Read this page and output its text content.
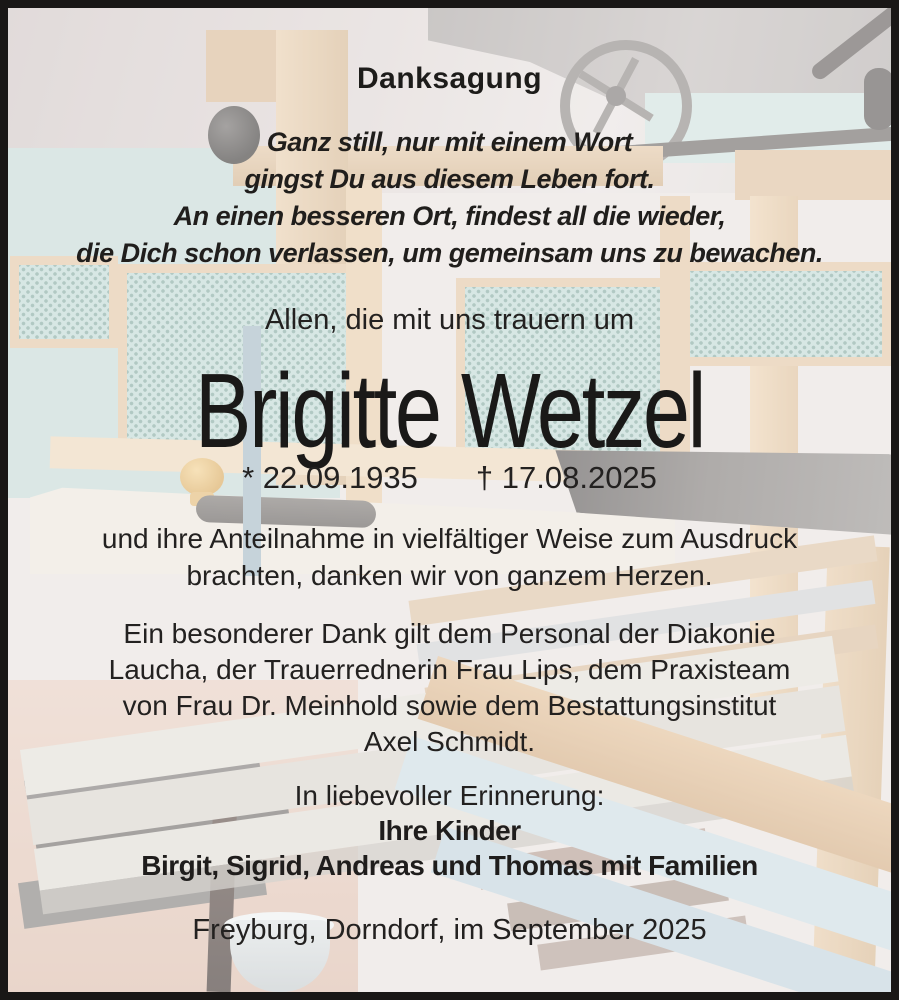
Danksagung
Ganz still, nur mit einem Wort
gingst Du aus diesem Leben fort.
An einen besseren Ort, findest all die wieder,
die Dich schon verlassen, um gemeinsam uns zu bewachen.
Allen, die mit uns trauern um
Brigitte Wetzel
* 22.09.1935 † 17.08.2025
und ihre Anteilnahme in vielfältiger Weise zum Ausdruck
brachten, danken wir von ganzem Herzen.
Ein besonderer Dank gilt dem Personal der Diakonie
Laucha, der Trauerrednerin Frau Lips, dem Praxisteam
von Frau Dr. Meinhold sowie dem Bestattungsinstitut
Axel Schmidt.
In liebevoller Erinnerung:
Ihre Kinder
Birgit, Sigrid, Andreas und Thomas mit Familien
Freyburg, Dorndorf, im September 2025
